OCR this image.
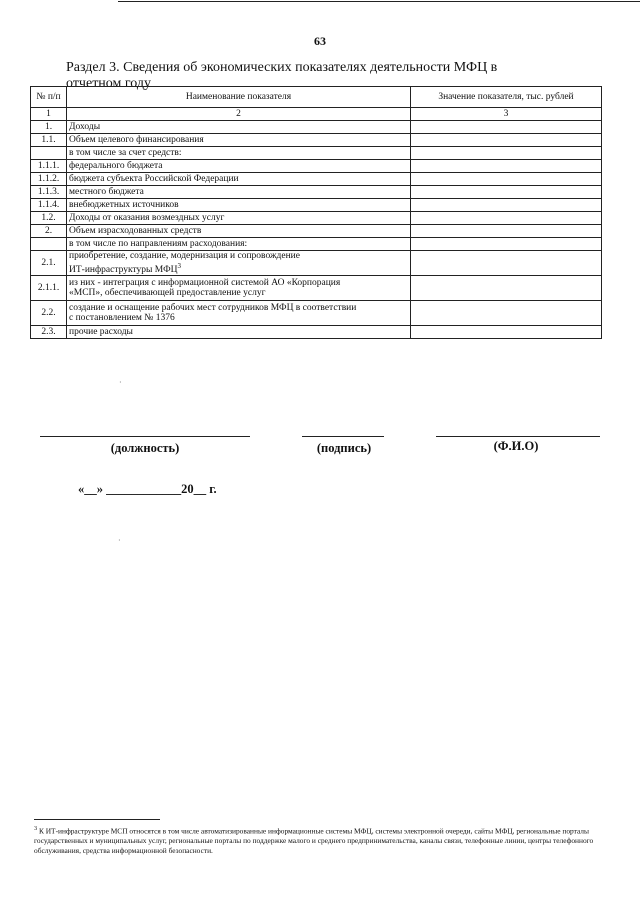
63
Раздел 3. Сведения об экономических показателях деятельности МФЦ в отчетном году
№ п/п	Наименование показателя	Значение показателя, тыс. рублей
1	2	3
1.	Доходы	
1.1.	Объем целевого финансирования	
	в том числе за счет средств:	
1.1.1.	федерального бюджета	
1.1.2.	бюджета субъекта Российской Федерации	
1.1.3.	местного бюджета	
1.1.4.	внебюджетных источников	
1.2.	Доходы от оказания возмездных услуг	
2.	Объем израсходованных средств	
	в том числе по направлениям расходования:	
2.1.	приобретение, создание, модернизация и сопровождение
ИТ-инфраструктуры МФЦ$^3$	
2.1.1.	из них - интеграция с информационной системой АО «Корпорация
«МСП», обеспечивающей предоставление услуг	
2.2.	создание и оснащение рабочих мест сотрудников МФЦ в соответствии
с постановлением № 1376	
2.3.	прочие расходы	
(должность)	(подпись)	(Ф.И.О)
«__» ____________20__ г.
·
·
$^3$ К ИТ-инфраструктуре МСП относятся в том числе автоматизированные информационные системы МФЦ, системы электронной очереди, сайты МФЦ, региональные порталы государственных и муниципальных услуг, региональные порталы по поддержке малого и среднего предпринимательства, каналы связи, телефонные линии, центры телефонного обслуживания, средства информационной безопасности.
